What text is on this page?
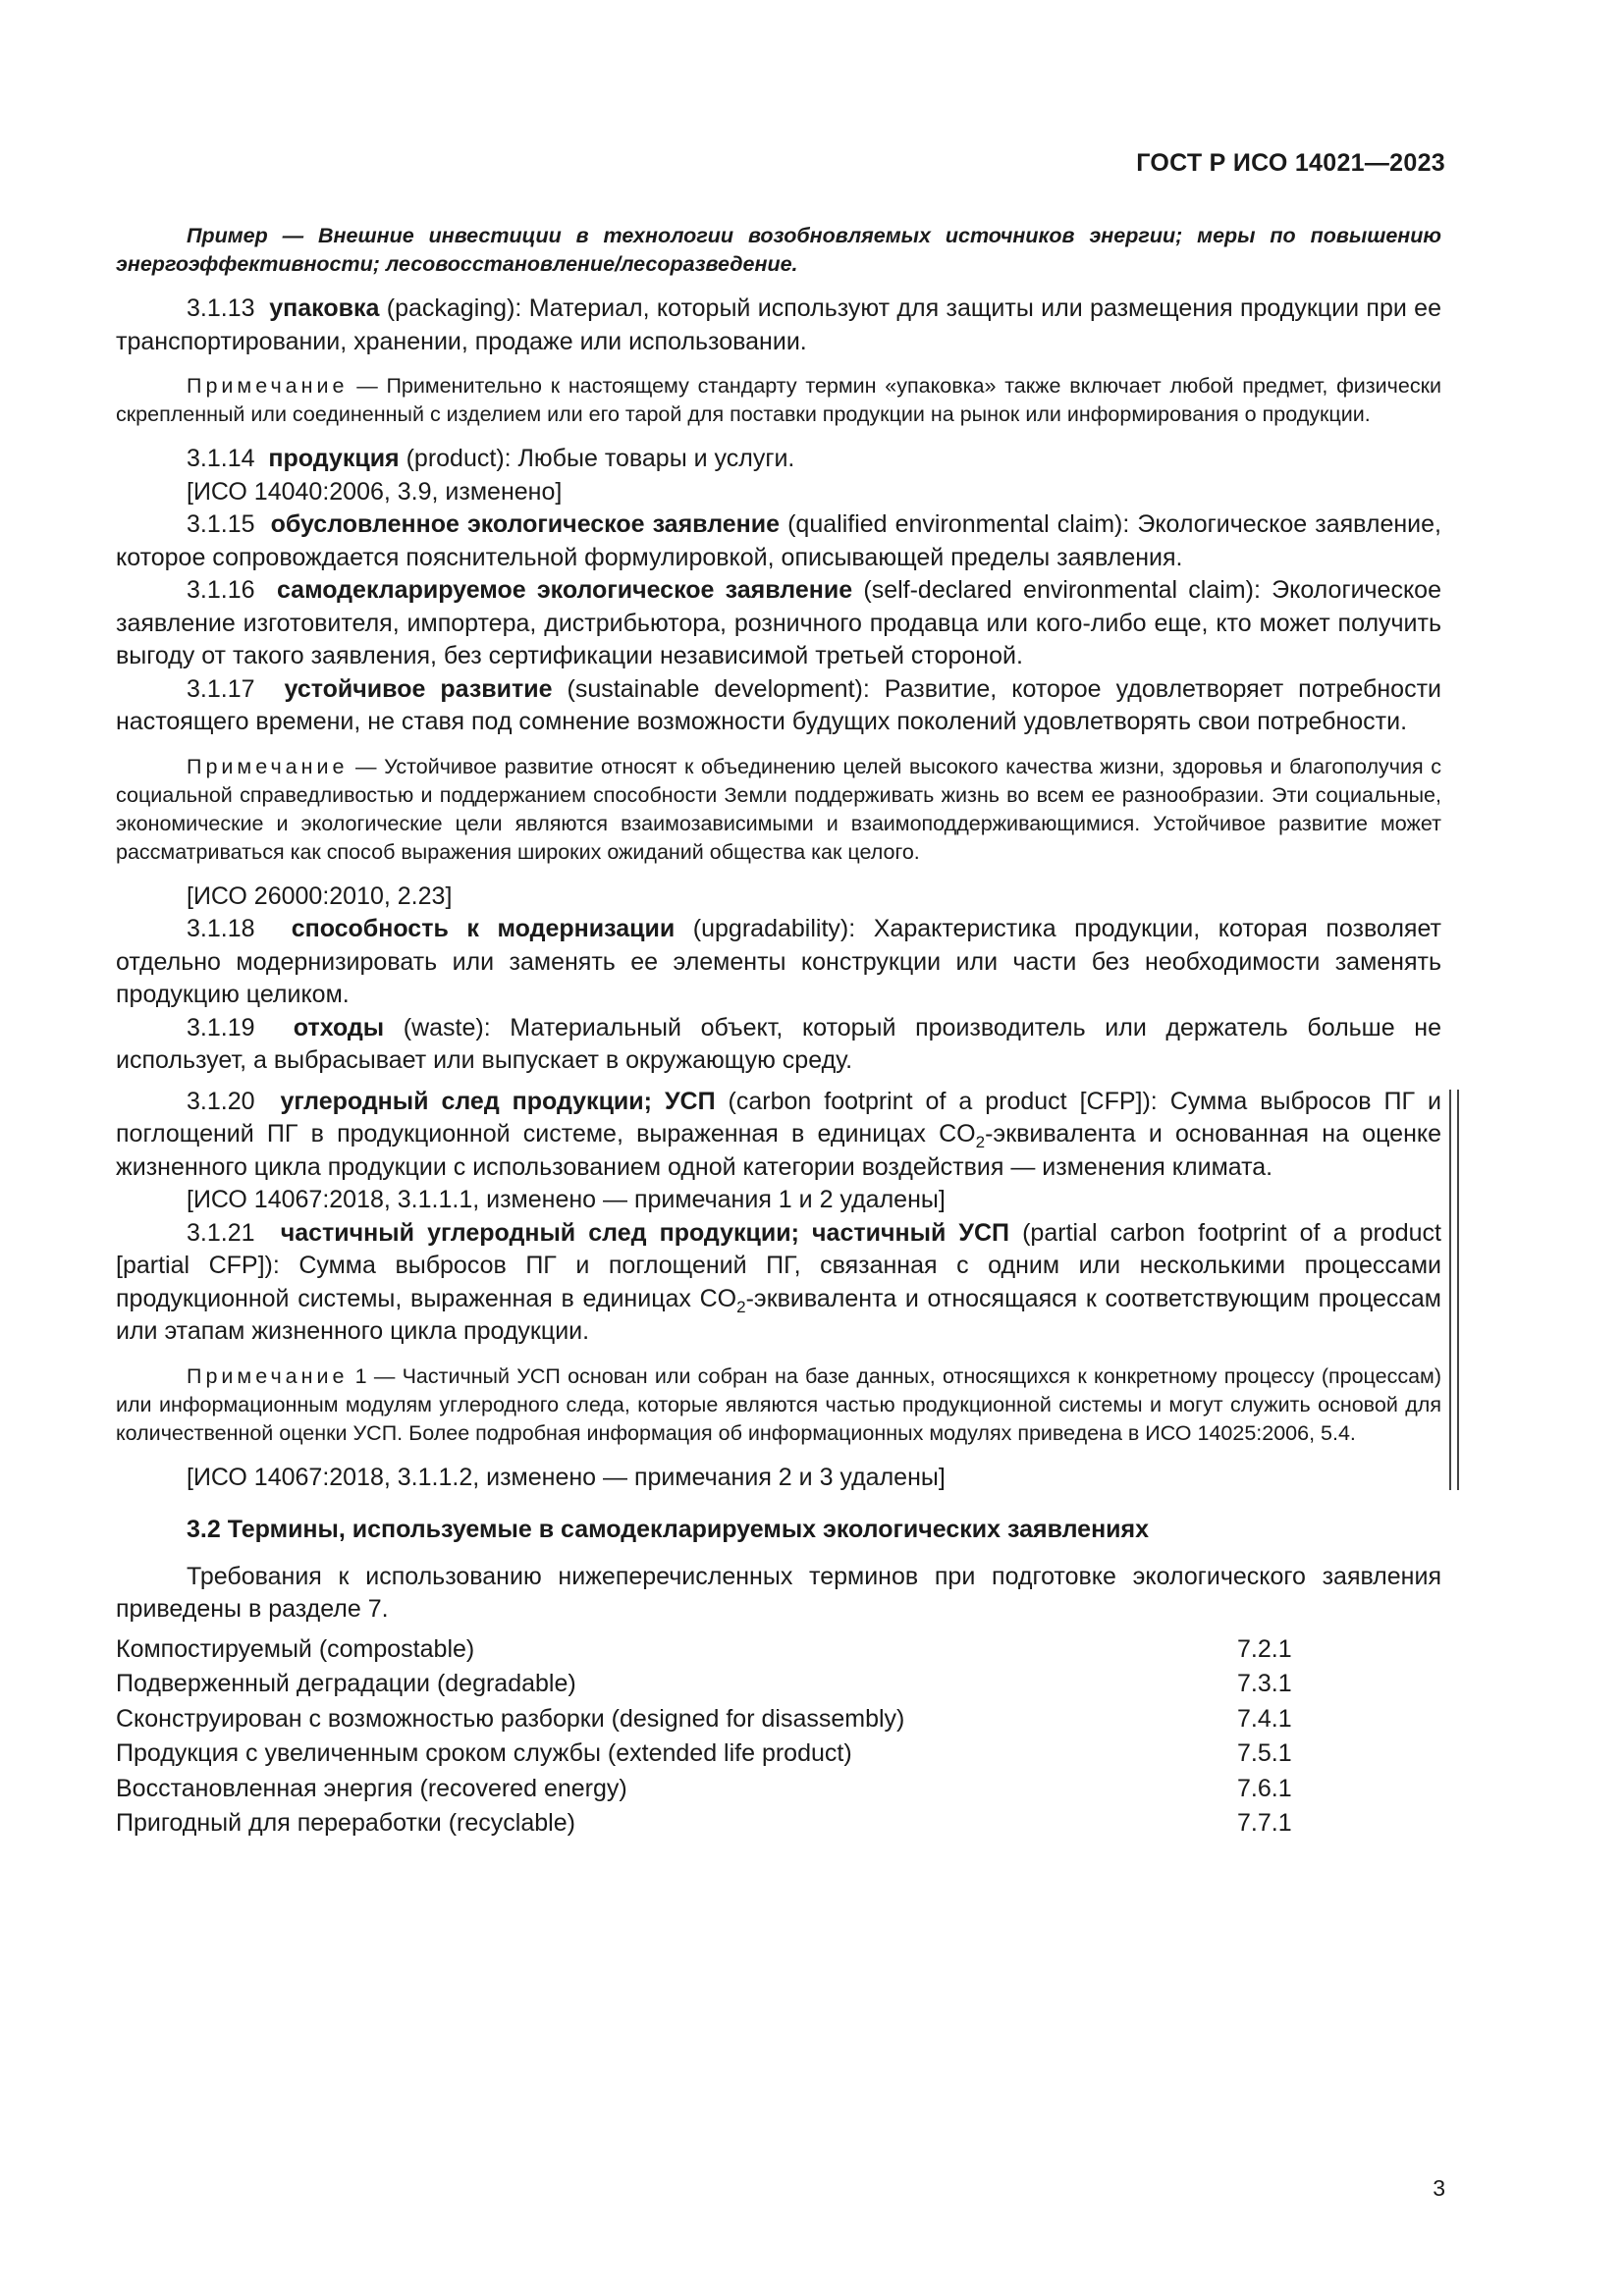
ГОСТ Р ИСО 14021—2023

Пример — Внешние инвестиции в технологии возобновляемых источников энергии; меры по повышению энергоэффективности; лесовосстановление/лесоразведение.

3.1.13 упаковка (packaging): Материал, который используют для защиты или размещения продукции при ее транспортировании, хранении, продаже или использовании.

Примечание — Применительно к настоящему стандарту термин «упаковка» также включает любой предмет, физически скрепленный или соединенный с изделием или его тарой для поставки продукции на рынок или информирования о продукции.

3.1.14 продукция (product): Любые товары и услуги.

[ИСО 14040:2006, 3.9, изменено]

3.1.15 обусловленное экологическое заявление (qualified environmental claim): Экологическое заявление, которое сопровождается пояснительной формулировкой, описывающей пределы заявления.

3.1.16 самодекларируемое экологическое заявление (self-declared environmental claim): Экологическое заявление изготовителя, импортера, дистрибьютора, розничного продавца или кого-либо еще, кто может получить выгоду от такого заявления, без сертификации независимой третьей стороной.

3.1.17 устойчивое развитие (sustainable development): Развитие, которое удовлетворяет потребности настоящего времени, не ставя под сомнение возможности будущих поколений удовлетворять свои потребности.

Примечание — Устойчивое развитие относят к объединению целей высокого качества жизни, здоровья и благополучия с социальной справедливостью и поддержанием способности Земли поддерживать жизнь во всем ее разнообразии. Эти социальные, экономические и экологические цели являются взаимозависимыми и взаимоподдерживающимися. Устойчивое развитие может рассматриваться как способ выражения широких ожиданий общества как целого.

[ИСО 26000:2010, 2.23]

3.1.18 способность к модернизации (upgradability): Характеристика продукции, которая позволяет отдельно модернизировать или заменять ее элементы конструкции или части без необходимости заменять продукцию целиком.

3.1.19 отходы (waste): Материальный объект, который производитель или держатель больше не использует, а выбрасывает или выпускает в окружающую среду.

3.1.20 углеродный след продукции; УСП (carbon footprint of a product [CFP]): Сумма выбросов ПГ и поглощений ПГ в продукционной системе, выраженная в единицах $CO_2$-эквивалента и основанная на оценке жизненного цикла продукции с использованием одной категории воздействия — изменения климата.

[ИСО 14067:2018, 3.1.1.1, изменено — примечания 1 и 2 удалены]

3.1.21 частичный углеродный след продукции; частичный УСП (partial carbon footprint of a product [partial CFP]): Сумма выбросов ПГ и поглощений ПГ, связанная с одним или несколькими процессами продукционной системы, выраженная в единицах $CO_2$-эквивалента и относящаяся к соответствующим процессам или этапам жизненного цикла продукции.

Примечание 1 — Частичный УСП основан или собран на базе данных, относящихся к конкретному процессу (процессам) или информационным модулям углеродного следа, которые являются частью продукционной системы и могут служить основой для количественной оценки УСП. Более подробная информация об информационных модулях приведена в ИСО 14025:2006, 5.4.

[ИСО 14067:2018, 3.1.1.2, изменено — примечания 2 и 3 удалены]

3.2 Термины, используемые в самодекларируемых экологических заявлениях

Требования к использованию нижеперечисленных терминов при подготовке экологического заявления приведены в разделе 7.

Компостируемый (compostable)	7.2.1
Подверженный деградации (degradable)	7.3.1
Сконструирован с возможностью разборки (designed for disassembly)	7.4.1
Продукция с увеличенным сроком службы (extended life product)	7.5.1
Восстановленная энергия (recovered energy)	7.6.1
Пригодный для переработки (recyclable)	7.7.1
3
